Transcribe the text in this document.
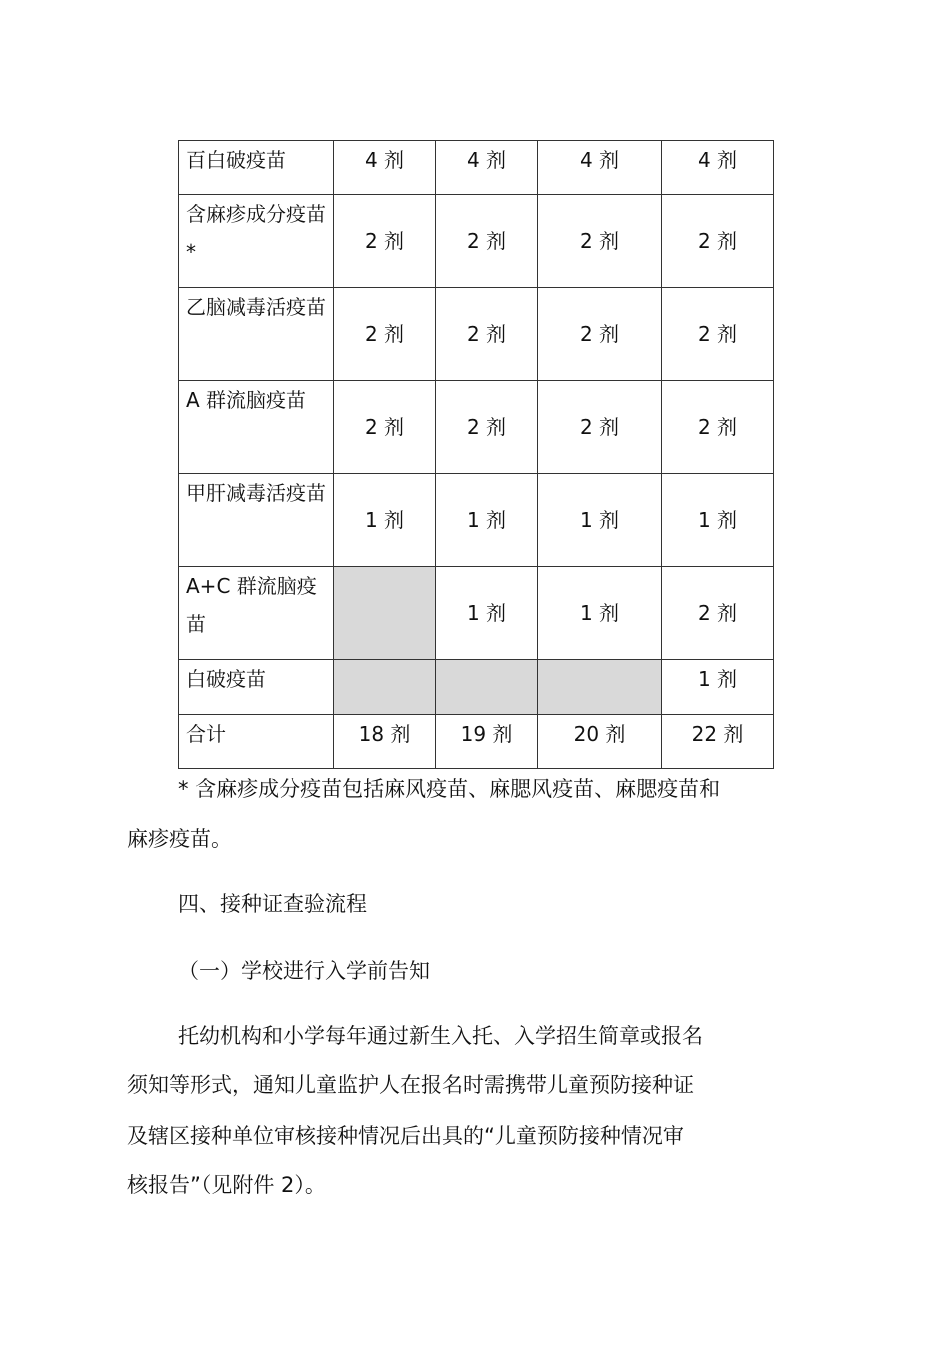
百白破疫苗	4 剂	4 剂	4 剂	4 剂
含麻疹成分疫苗 *	2 剂	2 剂	2 剂	2 剂
乙脑减毒活疫苗	2 剂	2 剂	2 剂	2 剂
A 群流脑疫苗	2 剂	2 剂	2 剂	2 剂
甲肝减毒活疫苗	1 剂	1 剂	1 剂	1 剂
A+C 群流脑疫苗		1 剂	1 剂	2 剂
白破疫苗				1 剂
合计	18 剂	19 剂	20 剂	22 剂
* 含麻疹成分疫苗包括麻风疫苗、麻腮风疫苗、麻腮疫苗和
麻疹疫苗。
四、接种证查验流程
（一）学校进行入学前告知
托幼机构和小学每年通过新生入托、入学招生简章或报名
须知等形式，通知儿童监护人在报名时需携带儿童预防接种证
及辖区接种单位审核接种情况后出具的“儿童预防接种情况审
核报告”（见附件 2）。
